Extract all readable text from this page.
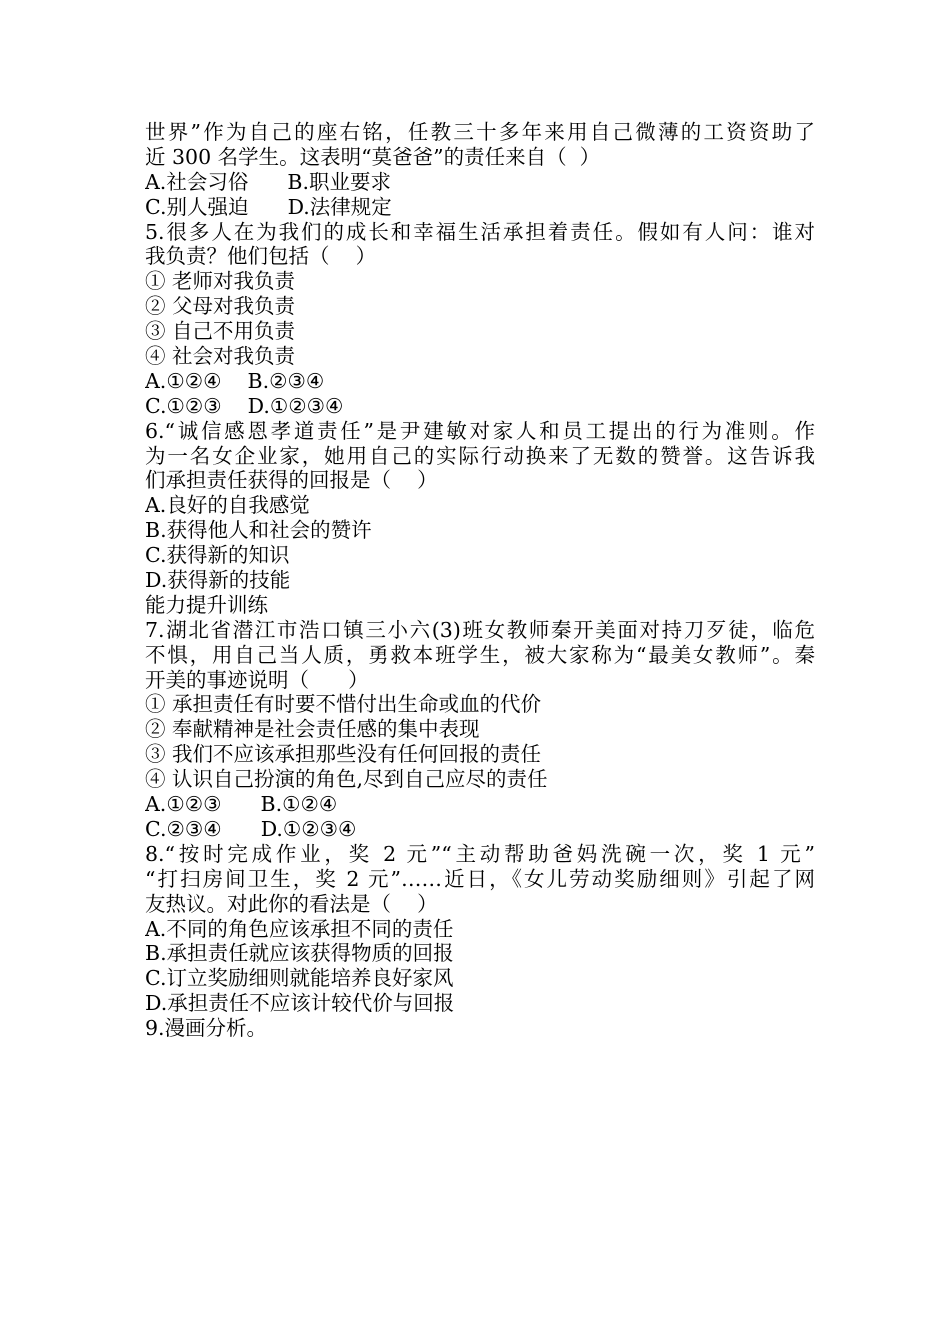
世界”作为自己的座右铭，任教三十多年来用自己微薄的工资资助了
近 300 名学生。这表明“莫爸爸”的责任来自（  ）
A.社会习俗      B.职业要求
C.别人强迫      D.法律规定
5.很多人在为我们的成长和幸福生活承担着责任。假如有人问：谁对
我负责？他们包括（    ）
① 老师对我负责
② 父母对我负责
③ 自己不用负责
④ 社会对我负责
A.①②④    B.②③④
C.①②③    D.①②③④
6.“诚信感恩孝道责任”是尹建敏对家人和员工提出的行为准则。作
为一名女企业家，她用自己的实际行动换来了无数的赞誉。这告诉我
们承担责任获得的回报是（    ）
A.良好的自我感觉
B.获得他人和社会的赞许
C.获得新的知识
D.获得新的技能
能力提升训练
7.湖北省潜江市浩口镇三小六(3)班女教师秦开美面对持刀歹徒，临危
不惧，用自己当人质，勇救本班学生，被大家称为“最美女教师”。秦
开美的事迹说明（      ）
① 承担责任有时要不惜付出生命或血的代价
② 奉献精神是社会责任感的集中表现
③ 我们不应该承担那些没有任何回报的责任
④ 认识自己扮演的角色,尽到自己应尽的责任
A.①②③      B.①②④
C.②③④      D.①②③④
8.“按时完成作业，奖 2 元”“主动帮助爸妈洗碗一次，奖 1 元”
“打扫房间卫生，奖 2 元”……近日，《女儿劳动奖励细则》引起了网
友热议。对此你的看法是（    ）
A.不同的角色应该承担不同的责任
B.承担责任就应该获得物质的回报
C.订立奖励细则就能培养良好家风
D.承担责任不应该计较代价与回报
9.漫画分析。
